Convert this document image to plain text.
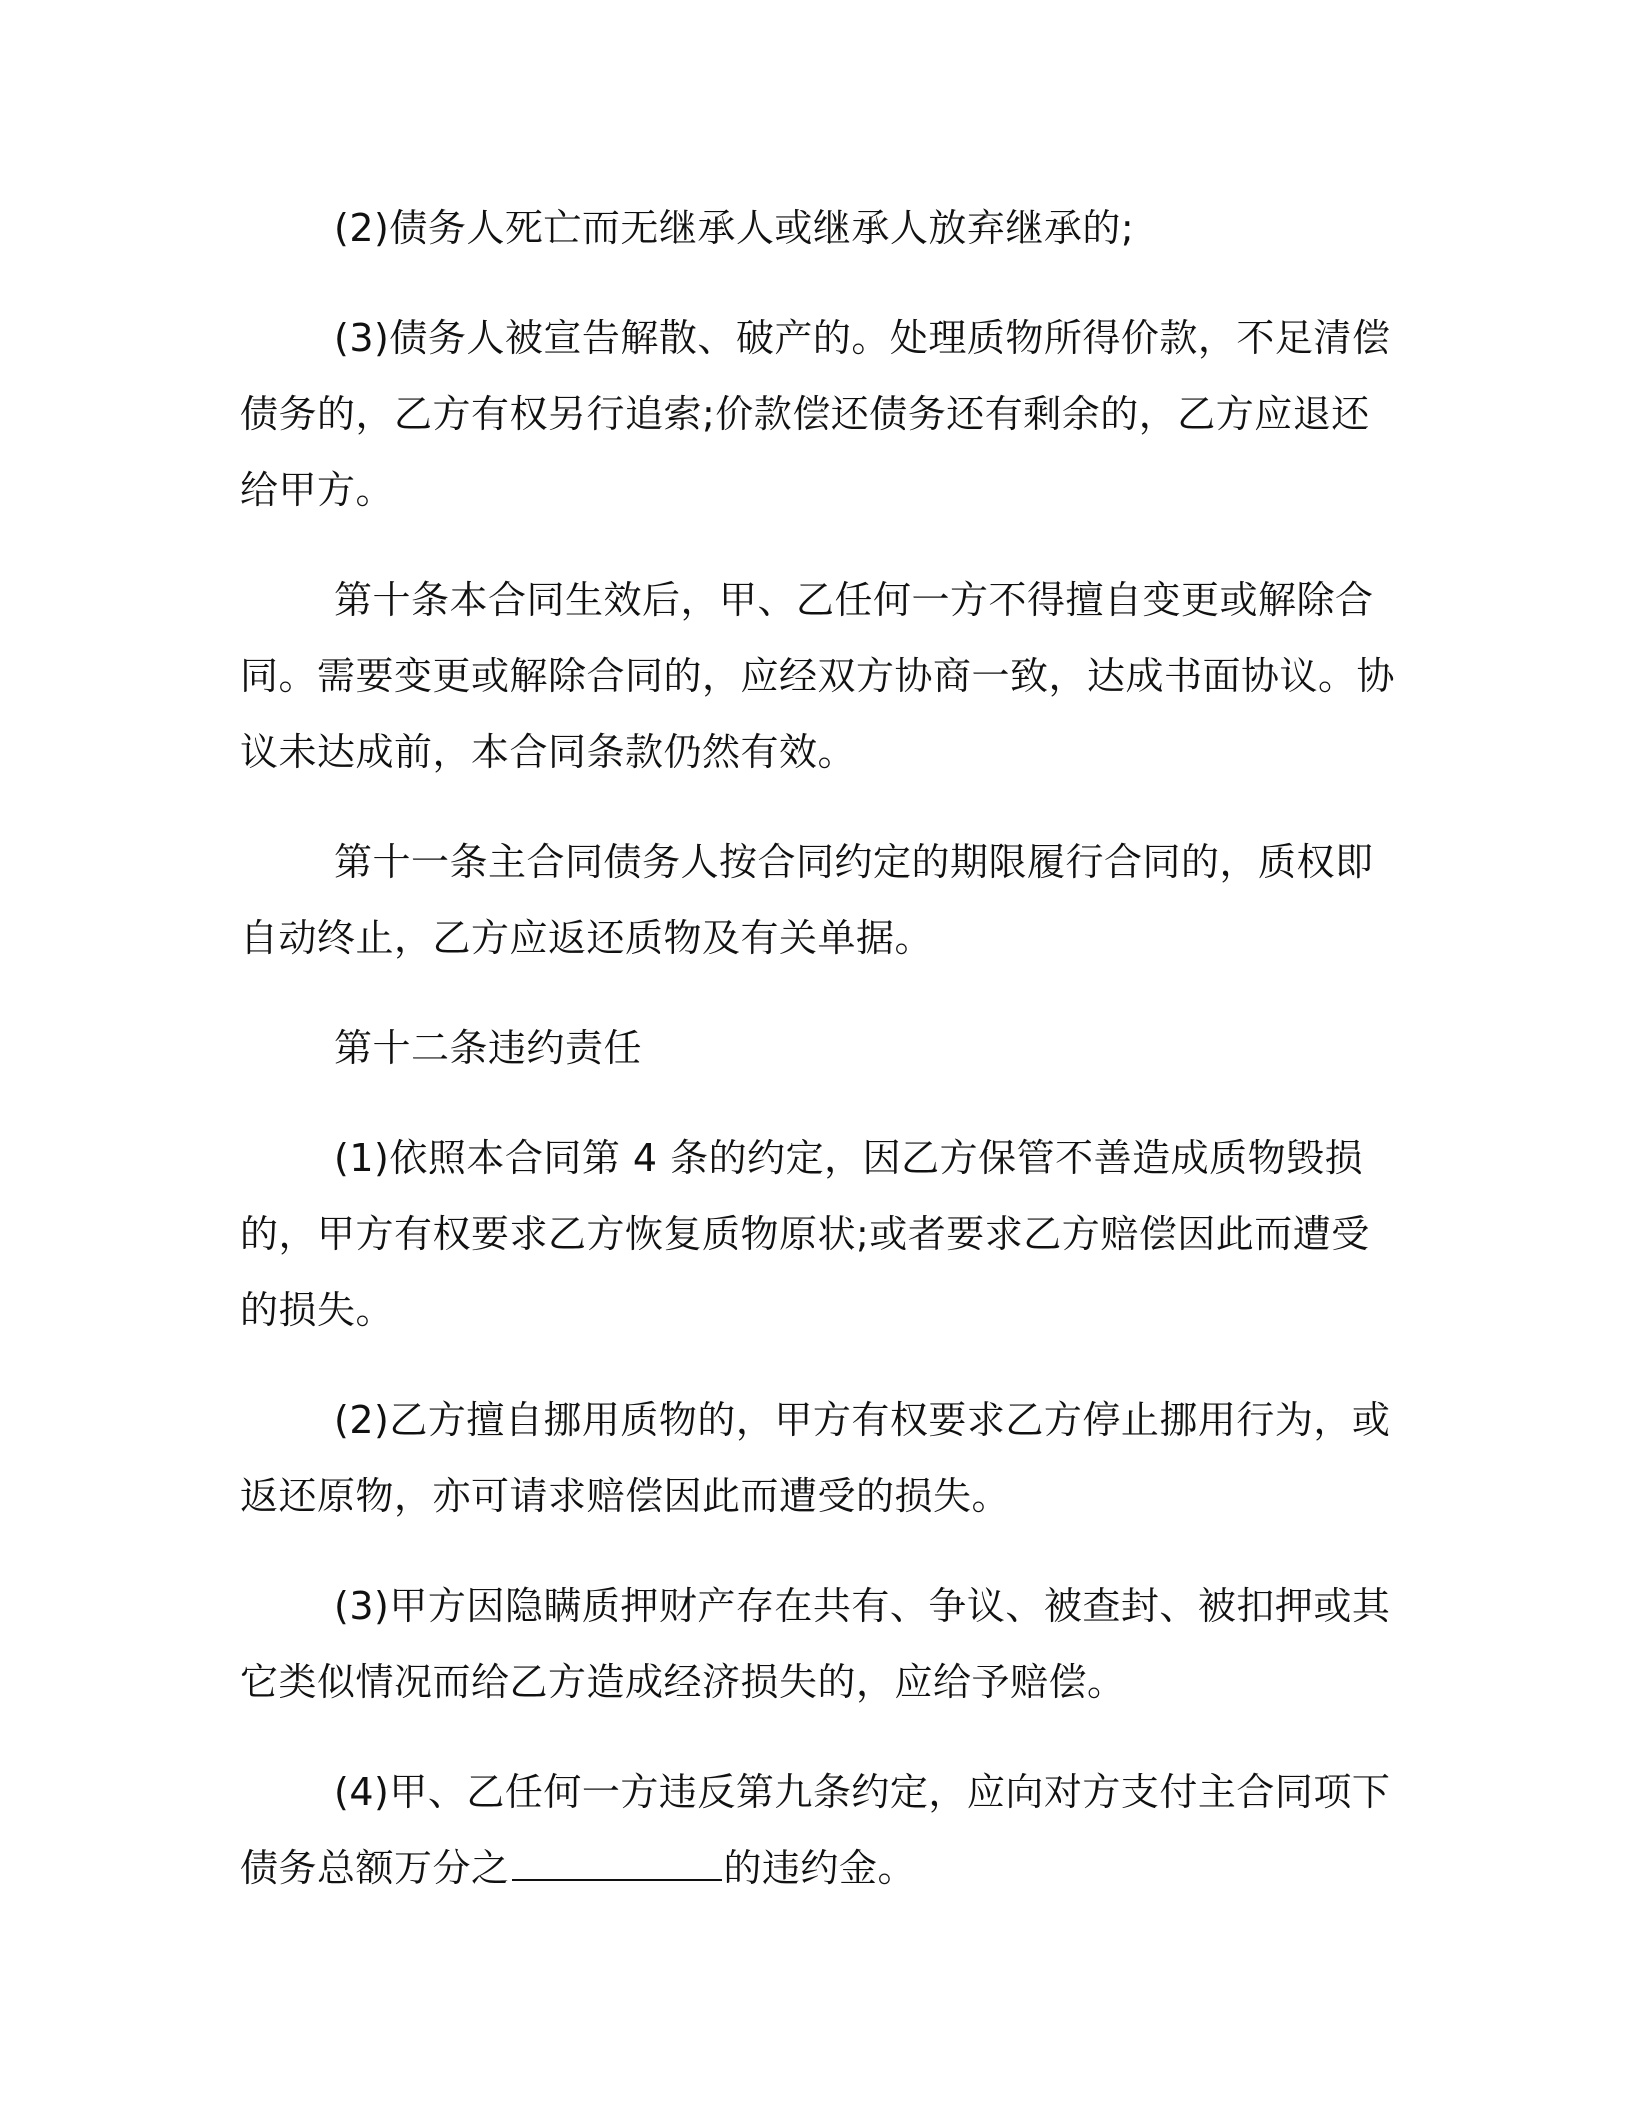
(2)债务人死亡而无继承人或继承人放弃继承的;

(3)债务人被宣告解散、破产的。处理质物所得价款，不足清偿债务的，乙方有权另行追索;价款偿还债务还有剩余的，乙方应退还给甲方。

第十条本合同生效后，甲、乙任何一方不得擅自变更或解除合同。需要变更或解除合同的，应经双方协商一致，达成书面协议。协议未达成前，本合同条款仍然有效。

第十一条主合同债务人按合同约定的期限履行合同的，质权即自动终止，乙方应返还质物及有关单据。

第十二条违约责任

(1)依照本合同第 4 条的约定，因乙方保管不善造成质物毁损的，甲方有权要求乙方恢复质物原状;或者要求乙方赔偿因此而遭受的损失。

(2)乙方擅自挪用质物的，甲方有权要求乙方停止挪用行为，或返还原物，亦可请求赔偿因此而遭受的损失。

(3)甲方因隐瞒质押财产存在共有、争议、被查封、被扣押或其它类似情况而给乙方造成经济损失的，应给予赔偿。

(4)甲、乙任何一方违反第九条约定，应向对方支付主合同项下债务总额万分之	的违约金。
